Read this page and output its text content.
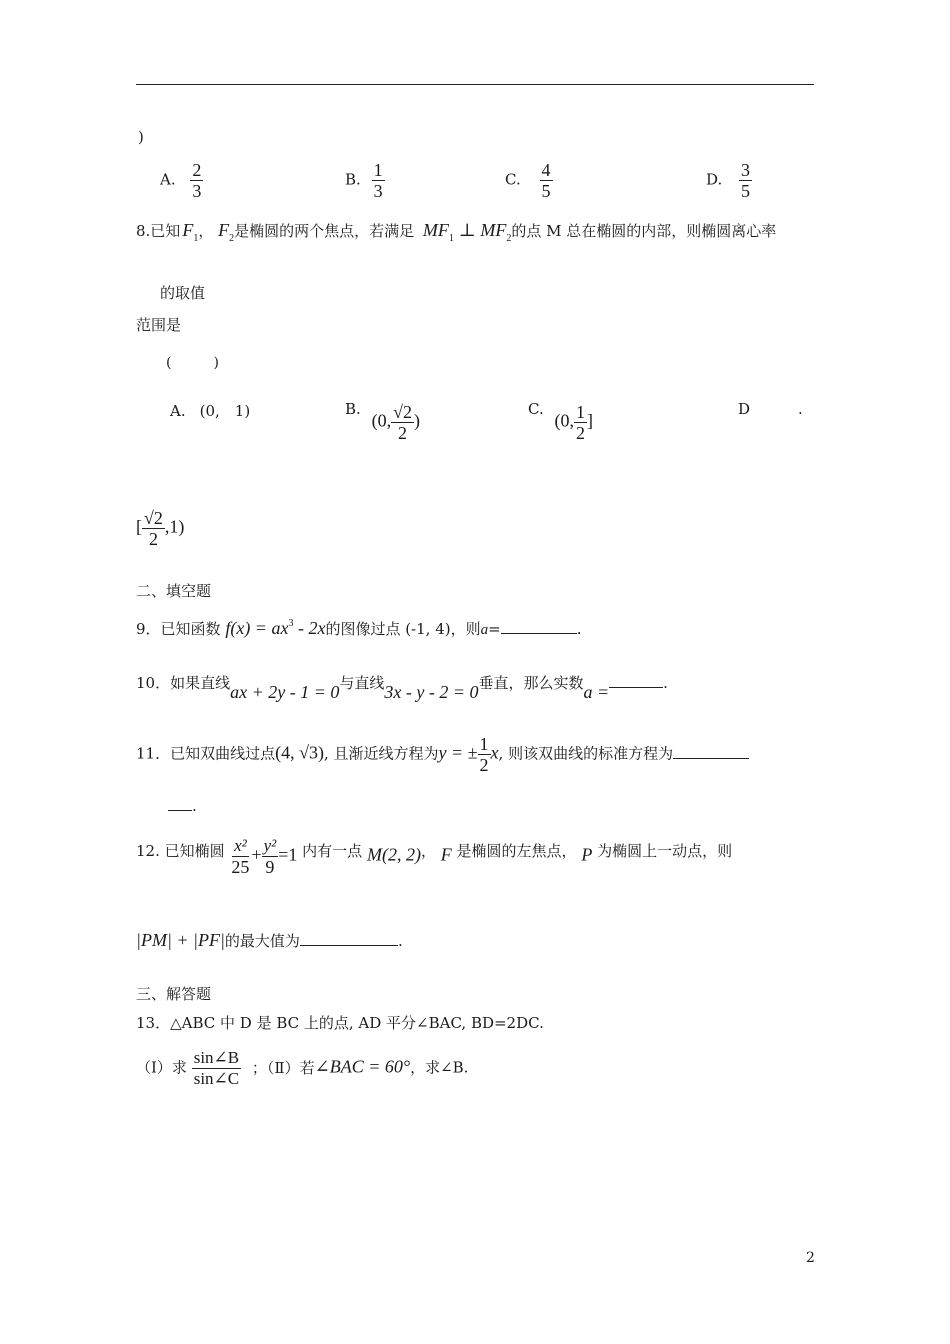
)
A. $\frac{2}{3}$	B. $\frac{1}{3}$	C. $\frac{4}{5}$	D. $\frac{3}{5}$
8.已知 $F_1$， $F_2$是椭圆的两个焦点，若满足 $MF_1$ ⊥ $MF_2$的点 M 总在椭圆的内部，则椭圆离心率
的取值
范围是
(　　　)
A. (0,　1)	B. (0, $\frac{√2}{2}$ )
C. (0, $\frac{1}{2}$ ]
D	.
[ $\frac{√2}{2} ,1$)
二、填空题
9．已知函数 $f(x) = ax^3 - 2x$的图像过点 (-1, 4)，则a=	.
10．如果直线ax + 2y - 1 = 0与直线3x - y - 2 = 0垂直，那么实数a =	.
11．已知双曲线过点(4, √3), 且渐近线方程为y = ± $\frac{1}{2} x$, 则该双曲线的标准方程为
.
12. 已知椭圆 $\frac{\text{x²}}{25} + \frac{\text{y²}}{9} =1$ 内有一点 M(2, 2)， F 是椭圆的左焦点， P 为椭圆上一动点，则
|PM| + |PF|的最大值为	.
三、解答题
13．△ABC 中 D 是 BC 上的点, AD 平分∠BAC, BD=2DC.
（Ⅰ）求 $\frac{\sin\angle B}{\sin\angle C}$ ；（Ⅱ）若∠BAC = 60°，求∠B.
2
